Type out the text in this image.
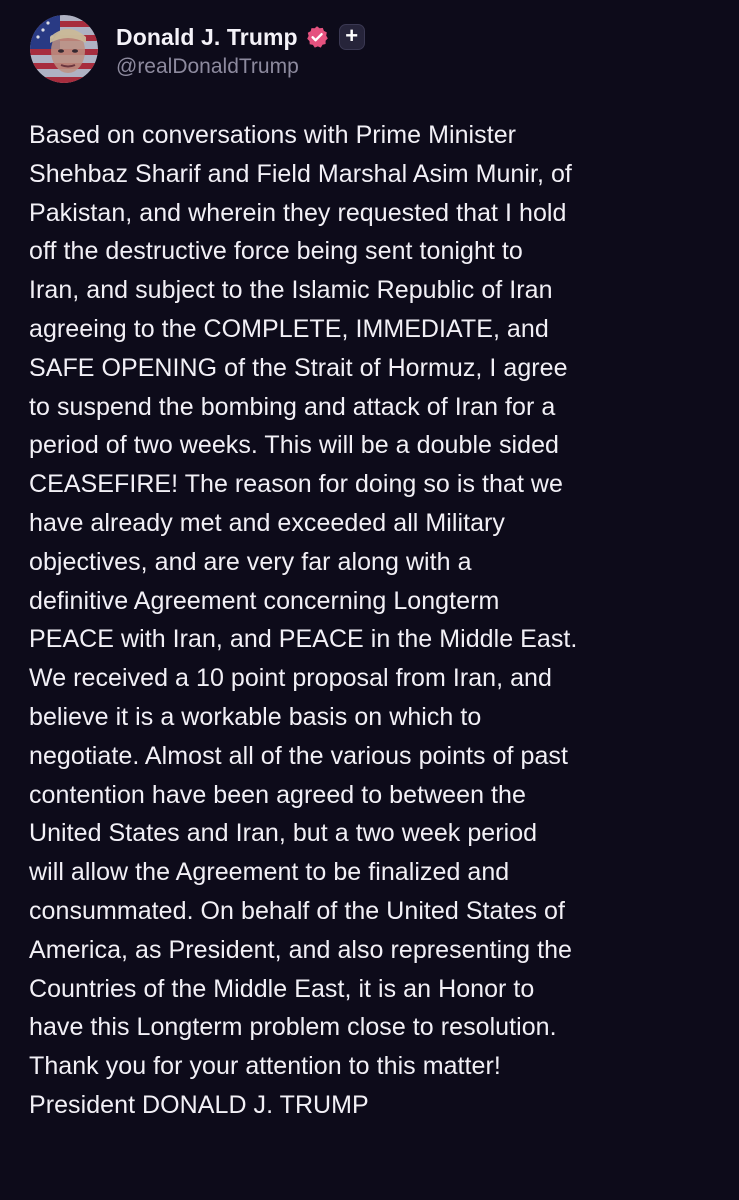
Donald J. Trump +
@realDonaldTrump
Based on conversations with Prime Minister
Shehbaz Sharif and Field Marshal Asim Munir, of
Pakistan, and wherein they requested that I hold
off the destructive force being sent tonight to
Iran, and subject to the Islamic Republic of Iran
agreeing to the COMPLETE, IMMEDIATE, and
SAFE OPENING of the Strait of Hormuz, I agree
to suspend the bombing and attack of Iran for a
period of two weeks. This will be a double sided
CEASEFIRE! The reason for doing so is that we
have already met and exceeded all Military
objectives, and are very far along with a
definitive Agreement concerning Longterm
PEACE with Iran, and PEACE in the Middle East.
We received a 10 point proposal from Iran, and
believe it is a workable basis on which to
negotiate. Almost all of the various points of past
contention have been agreed to between the
United States and Iran, but a two week period
will allow the Agreement to be finalized and
consummated. On behalf of the United States of
America, as President, and also representing the
Countries of the Middle East, it is an Honor to
have this Longterm problem close to resolution.
Thank you for your attention to this matter!
President DONALD J. TRUMP
